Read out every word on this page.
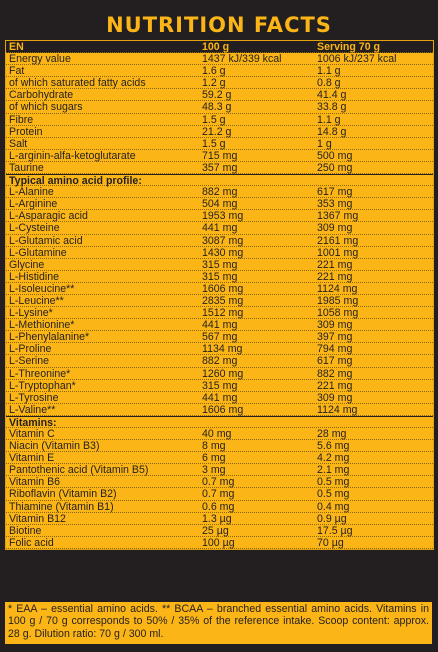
NUTRITION FACTS
EN	100 g	Serving 70 g
Energy value	1437 kJ/339 kcal	1006 kJ/237 kcal
Fat	1.6 g	1.1 g
of which saturated fatty acids	1.2 g	0.8 g
Carbohydrate	59.2 g	41.4 g
of which sugars	48.3 g	33.8 g
Fibre	1.5 g	1.1 g
Protein	21.2 g	14.8 g
Salt	1.5 g	1 g
L-arginin-alfa-ketoglutarate	715 mg	500 mg
Taurine	357 mg	250 mg
Typical amino acid profile:
L-Alanine	882 mg	617 mg
L-Arginine	504 mg	353 mg
L-Asparagic acid	1953 mg	1367 mg
L-Cysteine	441 mg	309 mg
L-Glutamic acid	3087 mg	2161 mg
L-Glutamine	1430 mg	1001 mg
Glycine	315 mg	221 mg
L-Histidine	315 mg	221 mg
L-Isoleucine**	1606 mg	1124 mg
L-Leucine**	2835 mg	1985 mg
L-Lysine*	1512 mg	1058 mg
L-Methionine*	441 mg	309 mg
L-Phenylalanine*	567 mg	397 mg
L-Proline	1134 mg	794 mg
L-Serine	882 mg	617 mg
L-Threonine*	1260 mg	882 mg
L-Tryptophan*	315 mg	221 mg
L-Tyrosine	441 mg	309 mg
L-Valine**	1606 mg	1124 mg
Vitamins:
Vitamin C	40 mg	28 mg
Niacin (Vitamin B3)	8 mg	5.6 mg
Vitamin E	6 mg	4.2 mg
Pantothenic acid (Vitamin B5)	3 mg	2.1 mg
Vitamin B6	0.7 mg	0.5 mg
Riboflavin (Vitamin B2)	0.7 mg	0.5 mg
Thiamine (Vitamin B1)	0.6 mg	0.4 mg
Vitamin B12	1.3 µg	0.9 µg
Biotine	25 µg	17.5 µg
Folic acid	100 µg	70 µg
* EAA – essential amino acids. ** BCAA – branched essential amino acids. Vitamins in 100 g / 70 g corresponds to 50% / 35% of the reference intake. Scoop content: approx. 28 g. Dilution ratio: 70 g / 300 ml.
